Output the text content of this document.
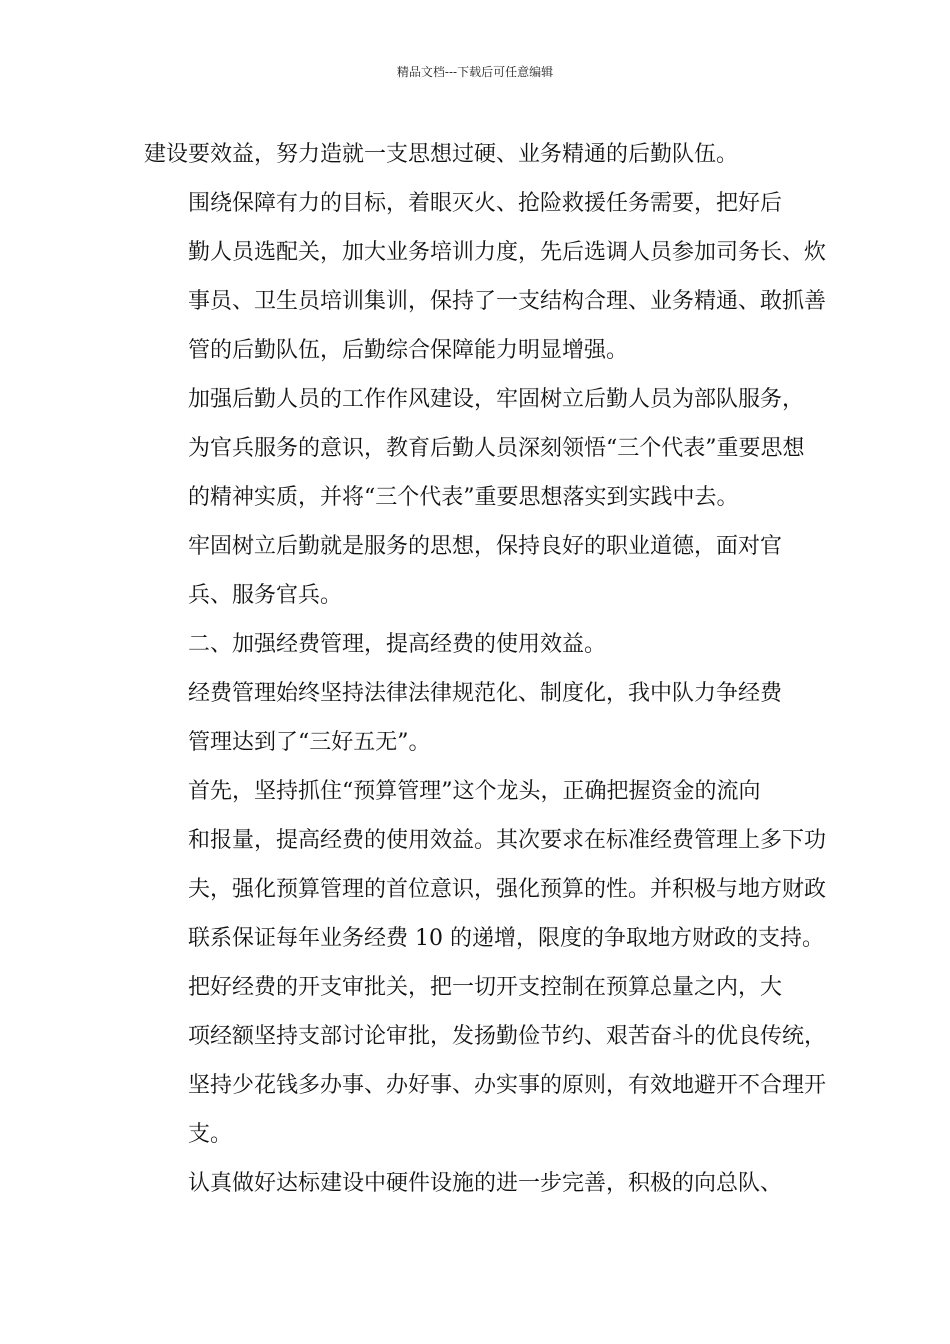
精品文档---下载后可任意编辑

建设要效益，努力造就一支思想过硬、业务精通的后勤队伍。

围绕保障有力的目标，着眼灭火、抢险救援任务需要，把好后
勤人员选配关，加大业务培训力度，先后选调人员参加司务长、炊
事员、卫生员培训集训，保持了一支结构合理、业务精通、敢抓善
管的后勤队伍，后勤综合保障能力明显增强。

加强后勤人员的工作作风建设，牢固树立后勤人员为部队服务，
为官兵服务的意识，教育后勤人员深刻领悟“三个代表”重要思想
的精神实质，并将“三个代表”重要思想落实到实践中去。

牢固树立后勤就是服务的思想，保持良好的职业道德，面对官
兵、服务官兵。

二、加强经费管理，提高经费的使用效益。

经费管理始终坚持法律法律规范化、制度化，我中队力争经费
管理达到了“三好五无”。

首先，坚持抓住“预算管理”这个龙头，正确把握资金的流向
和报量，提高经费的使用效益。其次要求在标准经费管理上多下功
夫，强化预算管理的首位意识，强化预算的性。并积极与地方财政
联系保证每年业务经费 10 的递增，限度的争取地方财政的支持。

把好经费的开支审批关，把一切开支控制在预算总量之内，大
项经额坚持支部讨论审批，发扬勤俭节约、艰苦奋斗的优良传统，
坚持少花钱多办事、办好事、办实事的原则，有效地避开不合理开
支。

认真做好达标建设中硬件设施的进一步完善，积极的向总队、
